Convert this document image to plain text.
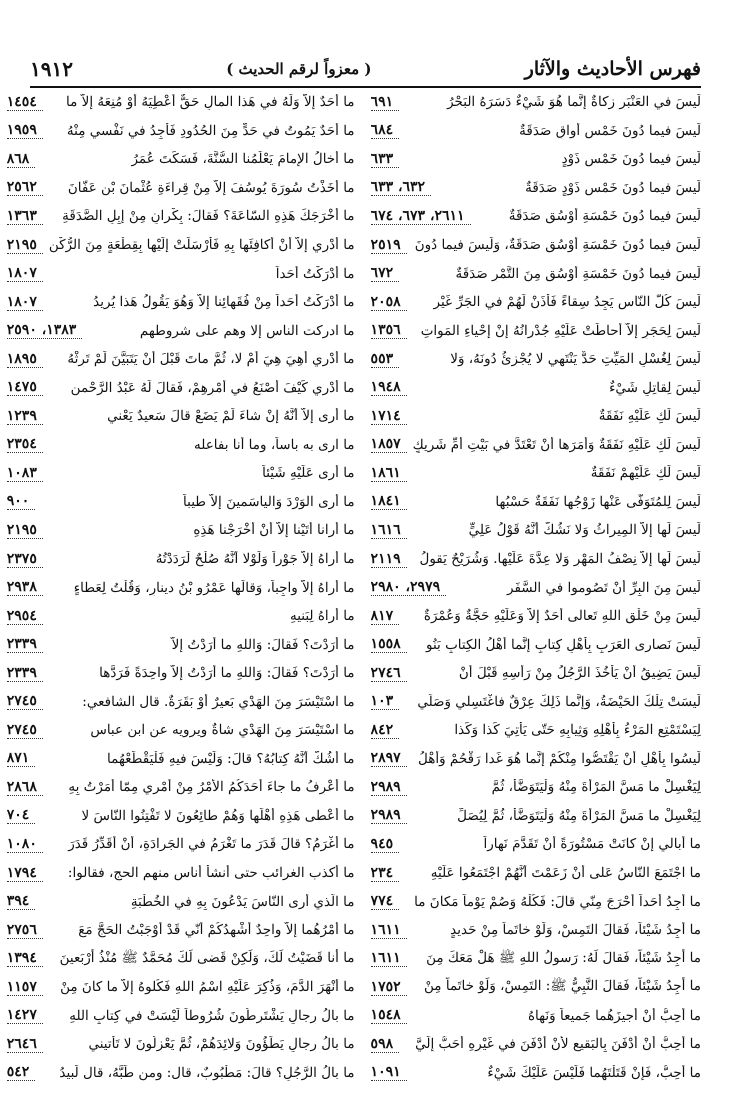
فهرس الأحاديث والآثار
( معزواً لرقم الحديث )
١٩١٢
لَيسَ في العَنْبَرِ زكاةٌ إنَّما هُوَ شَيْءٌ دَسَرَهُ البَحْرُ
٦٩١
لَيسَ فيما دُونَ خَمْسِ أَواقٍ صَدَقَةٌ
٦٨٤
لَيسَ فيما دُونَ خَمْسِ ذَوْدٍ
٦٣٣
لَيسَ فيما دُونَ خَمْسِ ذَوْدٍ صَدَقَةٌ
٦٣٢، ٦٣٣
لَيسَ فيما دُونَ خَمْسَةِ أَوْسُقٍ صَدَقَةٌ
٢٦١١، ٦٧٣، ٦٧٤
لَيسَ فيما دُونَ خَمْسَةِ أَوْسُقٍ صَدَقَةٌ، وَلَيسَ فيما دُونَ
٢٥١٩
لَيسَ فيما دُونَ خَمْسَةِ أَوْسُقٍ مِنَ التَّمْرِ صَدَقَةٌ
٦٧٢
لَيسَ كُلُّ النّاسِ يَجِدُ سِقاءً فَأْذَنْ لَهُمْ في الجَرِّ غَيْرِ
٢٠٥٨
لَيسَ لِحَجَرٍ إلاَّ أحاطَتْ عَلَيْهِ جُدْرانُهُ إنْ إحْياءِ المَواتِ
١٣٥٦
لَيسَ لِغُسْلِ المَيِّتِ حَدٌّ يَنْتَهي لا يُجْزِئُ دُونَهُ، وَلا
٥٥٣
لَيسَ لِقاتِلٍ شَيْءٌ
١٩٤٨
لَيسَ لَكِ عَلَيْهِ نَفَقَةٌ
١٧١٤
لَيسَ لَكِ عَلَيْهِ نَفَقَةٌ وَأَمَرَها أَنْ تَعْتَدَّ في بَيْتِ أُمِّ شَريكٍ
١٨٥٧
لَيسَ لَكِ عَلَيْهِمْ نَفَقَةٌ
١٨٦١
لَيسَ لِلمُتَوَفّى عَنْها زَوْجُها نَفَقَةٌ حَسْبُها
١٨٤١
لَيسَ لَها إلاَّ المِيراثُ وَلا نَشُكُّ أَنَّهُ قَوْلُ عَلِيٍّ
١٦١٦
لَيسَ لَها إلاَّ نِصْفُ المَهْرِ وَلا عِدَّةَ عَلَيْها. وَشُرَيْحٌ يَقولُ
٢١١٩
لَيسَ مِنَ البِرِّ أَنْ تَصُوموا في السَّفَرِ
٢٩٧٩، ٢٩٨٠
لَيسَ مِنْ خَلْقِ اللهِ تَعالى أَحَدٌ إلاَّ وَعَلَيْهِ حَجَّةٌ وَعُمْرَةٌ
٨١٧
لَيسَ نَصارى العَرَبِ بِأَهْلِ كِتابٍ إنَّما أَهْلُ الكِتابِ بَنُو
١٥٥٨
لَيسَ يَضِيقُ أَنْ يَأْخُذَ الرَّجُلُ مِنْ رَأْسِهِ قَبْلَ أَنْ
٢٧٤٦
لَيسَتْ تِلْكَ الحَيْضَةُ، وَإنَّما ذَلِكَ عِرْقٌ فاغْتَسِلي وَصَلّي
١٠٣
لِيَسْتَمْتِعِ المَرْءُ بِأَهْلِهِ وَثِيابِهِ حَتّى يَأْتِيَ كَذا وَكَذا
٨٤٢
لَيسُوا بِأَهْلٍ أَنْ يَقْتَصُّوا مِنْكُمْ إنَّما هُوَ غَدا رَقْحُمْ وَأَهْلُ
٢٨٩٧
لِيَغْسِلْ ما مَسَّ المَرْأَةَ مِنْهُ وَلْيَتَوَضَّأْ، ثُمَّ
٢٩٨٩
لِيَغْسِلْ ما مَسَّ المَرْأَةَ مِنْهُ وَلْيَتَوَضَّأْ، ثُمَّ لِيُصَلِّ
٢٩٨٩
ما أُبالي إنْ كانَتْ مَسْتُورَةً أَنْ تَقَدَّمَ نَهاراً
٩٤٥
ما اجْتَمَعَ النّاسُ عَلى أَنْ زَعَمْتَ أَنَّهُمْ اجْتَمَعُوا عَلَيْهِ
٢٣٤
ما أَجِدُ أَحَداً أَحْرَجَ مِنّي قالَ: فَكُلْهُ وَصُمْ يَوْماً مَكانَ ما
٧٧٤
ما أَجِدُ شَيْئاً، فَقالَ التَمِسْ، وَلَوْ خاتَماً مِنْ حَديدٍ
١٦١١
ما أَجِدُ شَيْئاً، فَقالَ لَهُ: رَسولُ اللهِ ﷺ هَلْ مَعَكَ مِنَ
١٦١١
ما أَجِدُ شَيْئاً، فَقالَ النَّبِيُّ ﷺ: التَمِسْ، وَلَوْ خاتَماً مِنْ
١٧٥٢
ما أُحِبُّ أَنْ أُجيزَهُما جَميعاً وَنَهاهُ
١٥٤٨
ما أُحِبُّ أَنْ أُدْفَنَ بِالبَقيعِ لأَنْ أُدْفَنَ في غَيْرِهِ أَحَبُّ إِلَيَّ
٥٩٨
ما أُحِبُّ، فَإنْ قَتَلْتَهُما فَلَيْسَ عَلَيْكَ شَيْءٌ
١٠٩١
ما أَحَدٌ إلاَّ وَلَهُ في هَذا المالِ حَقٌّ أَعْطِيَهُ أَوْ مُنِعَهُ إلاَّ ما
١٤٥٤
ما أَحَدٌ يَمُوتُ في حَدٍّ مِنَ الحُدُودِ فَأَجِدُ في نَفْسي مِنْهُ
١٩٥٩
ما أَخالُ الإِمامَ يَعْلَمُنا السُّنَّةَ، فَسَكَتَ عُمَرُ
٨٦٨
ما أَخَذْتُ سُورَةَ يُوسُفَ إلاَّ مِنْ قِراءَةِ عُثْمانَ بْنِ عَفّانَ
٢٥٦٢
ما أَخْرَجَكَ هَذِهِ السّاعَةَ؟ فَقالَ: بِكْرانِ مِنْ إبِلِ الصَّدَقَةِ
١٣٦٣
ما أَدْرِي إلاَّ أَنْ أُكافِئَها بِهِ فَأَرْسَلَتْ إلَيْها بِقِطْعَةٍ مِنَ الرُّكْنِ
٢١٩٥
ما أَدْرَكْتُ أَحَداً
١٨٠٧
ما أَدْرَكْتُ أَحَداً مِنْ فُقَهائِنا إلاَّ وَهُوَ يَقُولُ هَذا يُريدُ
١٨٠٧
ما ادركت الناس إلا وهم على شروطهم
١٣٨٣، ٢٥٩٠
ما أَدْري أَهِيَ هِيَ أَمْ لا، ثُمَّ ماتَ قَبْلَ أَنْ يَتَبَيَّنَ لَمْ تَرِثْهُ
١٨٩٥
ما أَدْري كَيْفَ أَصْنَعُ في أَمْرِهِمْ، فَقالَ لَهُ عَبْدُ الرَّحْمنِ
١٤٧٥
ما أَرى إلاَّ أَنَّهُ إنْ شاءَ لَمْ يَضَعْ قالَ سَعيدٌ يَعْني
١٢٣٩
ما ارى به باساً، وما أنا بفاعله
٢٣٥٤
ما أَرى عَلَيْهِ شَيْئاً
١٠٨٣
ما أَرى الوَرْدَ وَالياسَمينَ إلاَّ طيباً
٩٠٠
ما أَرانا أَتَيْنا إلاَّ أَنْ أَخْرَجْنا هَذِهِ
٢١٩٥
ما أَراهُ إلاَّ جَوْراً وَلَوْلا أَنَّهُ صُلْحٌ لَرَدَدْتُهُ
٢٣٧٥
ما أَراهُ إلاَّ واجِباً، وَقالَها عَمْرُو بْنُ دينارٍ، وَقُلْتُ لِعَطاءٍ
٢٩٣٨
ما أَراهُ لِبَنيهِ
٢٩٥٤
ما أَرَدْتَ؟ فَقالَ: وَاللهِ ما أَرَدْتُ إلاَّ
٢٣٣٩
ما أَرَدْتَ؟ فَقالَ: وَاللهِ ما أَرَدْتُ إلاَّ واحِدَةً فَرَدَّها
٢٣٣٩
ما اسْتَيْسَرَ مِنَ الهَدْيِ بَعيرٌ أَوْ بَقَرَةٌ. قال الشافعي:
٢٧٤٥
ما اسْتَيْسَرَ مِنَ الهَدْيِ شاةٌ ويرويه عن ابن عباس
٢٧٤٥
ما أَشُكُّ أَنَّهُ كِتابُهُ؟ قالَ: وَلَيْسَ فيهِ فَلْيَقْطَعْهُما
٨٧١
ما أَعْرِفُ ما جاءَ أَحَدَكُمُ الأَمْرُ مِنْ أَمْري مِمّا أَمَرْتُ بِهِ
٢٨٦٨
ما أَعْطى هَذِهِ أَهْلَها وَهُمْ طائِعُونَ لا تَفْتِنُوا النّاسَ لا
٧٠٤
ما أَغْرَمُ؟ قالَ قَدَرَ ما تَغْرَمُ في الجَرادَةِ، أَنْ أُقَدِّرُ قَدَرَ
١٠٨٠
ما أكذب الغرائب حتى أنشأ أناس منهم الحج، فقالوا:
١٧٩٤
ما الَّذي أَرى النّاسَ يَدْعُونَ بِهِ في الخُطْبَةِ
٣٩٤
ما أَمْرُهُما إلاَّ واحِدٌ أُشْهِدُكُمْ أَنّي قَدْ أَوْجَبْتُ الحَجَّ مَعَ
٢٧٥٦
ما أَنا قَضَيْتُ لَكَ، وَلَكِنْ قَضى لَكَ مُحَمَّدٌ ﷺ مُنْذُ أَرْبَعينَ
١٣٩٤
ما أَنْهَرَ الدَّمَ، وَذُكِرَ عَلَيْهِ اسْمُ اللهِ فَكُلوهُ إلاَّ ما كانَ مِنْ
١١٥٧
ما بالُ رِجالٍ يَشْتَرِطُونَ شُرُوطاً لَيْسَتْ في كِتابِ اللهِ
١٤٢٧
ما بالُ رِجالٍ يَطَؤُونَ وَلائِدَهُمْ، ثُمَّ يَعْزِلُونَ لا تَأْتيني
٢٦٤٦
ما بالُ الرَّجُلِ؟ قالَ: مَطْبُوبٌ، قال: ومن طَبَّهُ، قال لَبيدُ
٥٤٢
